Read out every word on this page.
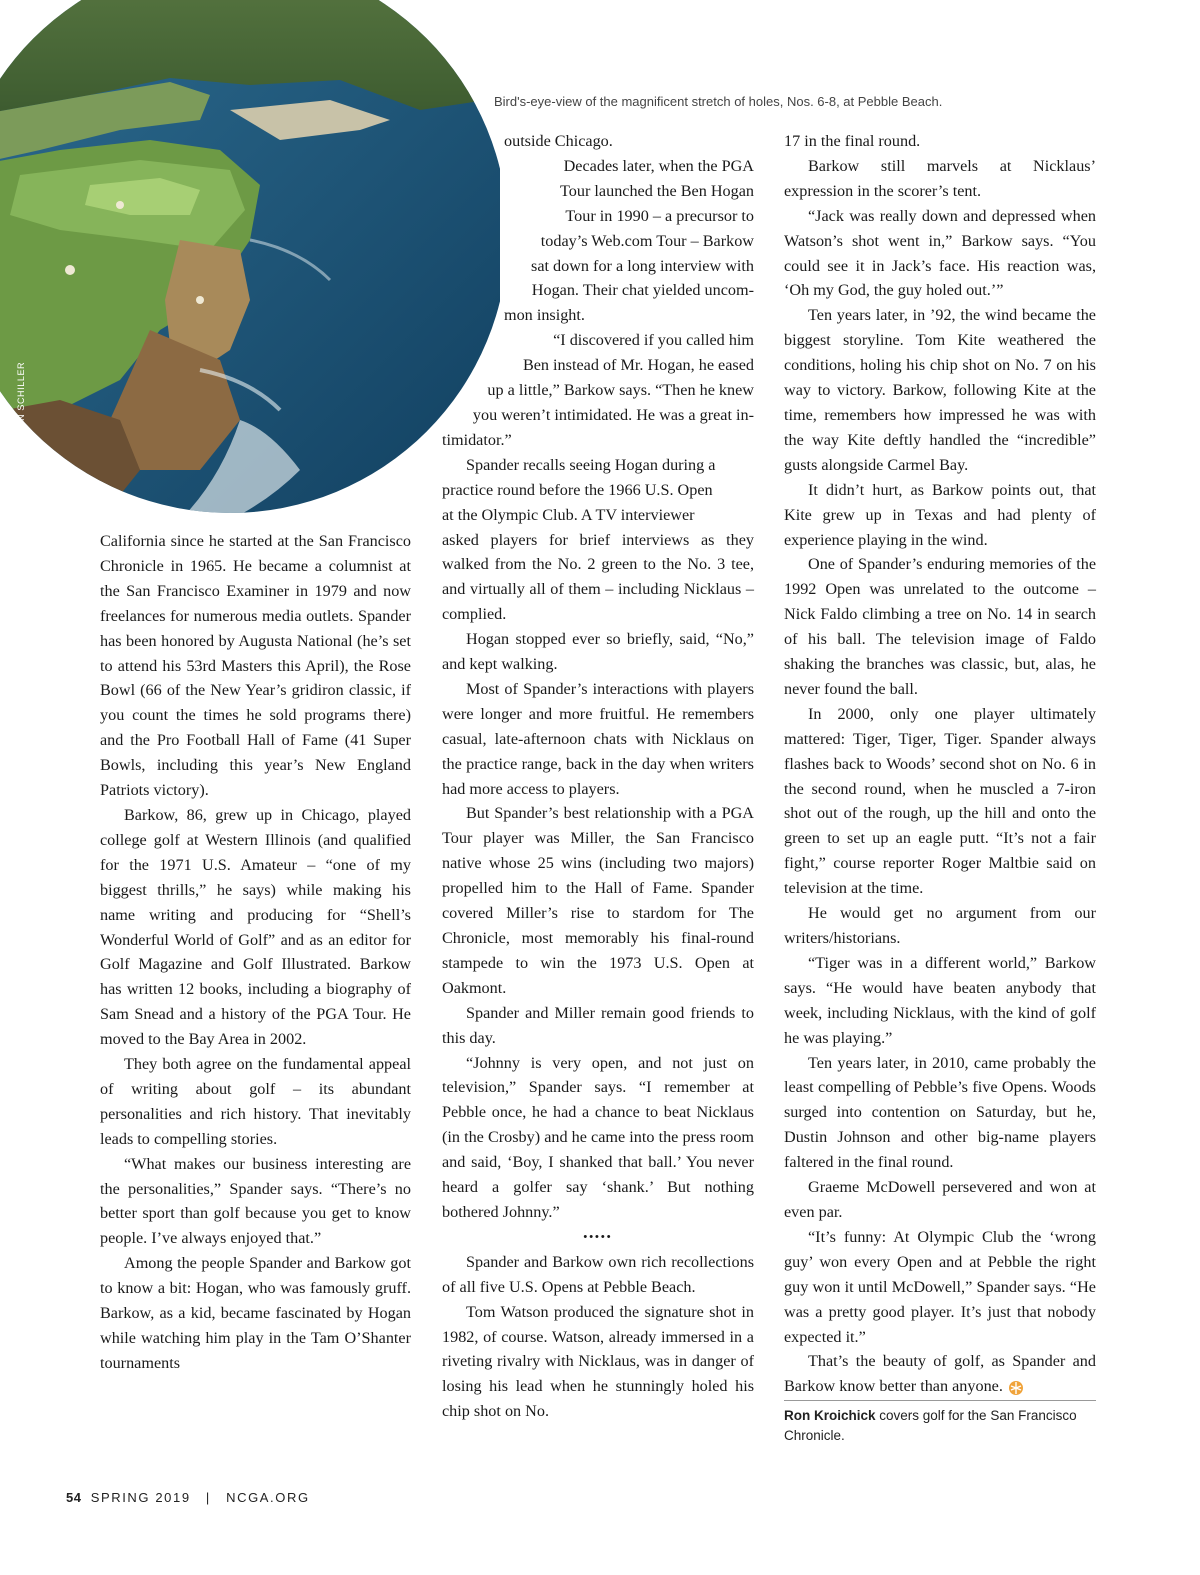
EVAN SCHILLER
Bird's-eye-view of the magnificent stretch of holes, Nos. 6-8, at Pebble Beach.

California since he started at the San Francisco Chronicle in 1965. He became a columnist at the San Francisco Examiner in 1979 and now freelances for numerous media outlets. Spander has been honored by Augusta National (he’s set to attend his 53rd Masters this April), the Rose Bowl (66 of the New Year’s gridiron classic, if you count the times he sold programs there) and the Pro Football Hall of Fame (41 Super Bowls, including this year’s New England Patriots victory).

Barkow, 86, grew up in Chicago, played college golf at Western Illinois (and qualified for the 1971 U.S. Amateur – “one of my biggest thrills,” he says) while making his name writing and producing for “Shell’s Wonderful World of Golf” and as an editor for Golf Magazine and Golf Illustrated. Barkow has written 12 books, including a biography of Sam Snead and a history of the PGA Tour. He moved to the Bay Area in 2002.

They both agree on the fundamental appeal of writing about golf – its abundant personalities and rich history. That inevitably leads to compelling stories.

“What makes our business interesting are the personalities,” Spander says. “There’s no better sport than golf because you get to know people. I’ve always enjoyed that.”

Among the people Spander and Barkow got to know a bit: Hogan, who was famously gruff. Barkow, as a kid, became fascinated by Hogan while watching him play in the Tam O’Shanter tournaments

outside Chicago.
Decades later, when the PGA
Tour launched the Ben Hogan
Tour in 1990 – a precursor to
today’s Web.com Tour – Barkow
sat down for a long interview with
Hogan. Their chat yielded uncom-
mon insight.
“I discovered if you called him
Ben instead of Mr. Hogan, he eased
up a little,” Barkow says. “Then he knew
you weren’t intimidated. He was a great in-
timidator.”
Spander recalls seeing Hogan during a
practice round before the 1966 U.S. Open
at the Olympic Club. A TV interviewer

asked players for brief interviews as they walked from the No. 2 green to the No. 3 tee, and virtually all of them – including Nicklaus – complied.

Hogan stopped ever so briefly, said, “No,” and kept walking.

Most of Spander’s interactions with players were longer and more fruitful. He remembers casual, late-afternoon chats with Nicklaus on the practice range, back in the day when writers had more access to players.

But Spander’s best relationship with a PGA Tour player was Miller, the San Francisco native whose 25 wins (including two majors) propelled him to the Hall of Fame. Spander covered Miller’s rise to stardom for The Chronicle, most memorably his final-round stampede to win the 1973 U.S. Open at Oakmont.

Spander and Miller remain good friends to this day.

“Johnny is very open, and not just on television,” Spander says. “I remember at Pebble once, he had a chance to beat Nicklaus (in the Crosby) and he came into the press room and said, ‘Boy, I shanked that ball.’ You never heard a golfer say ‘shank.’ But nothing bothered Johnny.”

•••••

Spander and Barkow own rich recollections of all five U.S. Opens at Pebble Beach.

Tom Watson produced the signature shot in 1982, of course. Watson, already immersed in a riveting rivalry with Nicklaus, was in danger of losing his lead when he stunningly holed his chip shot on No.

17 in the final round.

Barkow still marvels at Nicklaus’ expression in the scorer’s tent.

“Jack was really down and depressed when Watson’s shot went in,” Barkow says. “You could see it in Jack’s face. His reaction was, ‘Oh my God, the guy holed out.’”

Ten years later, in ’92, the wind became the biggest storyline. Tom Kite weathered the conditions, holing his chip shot on No. 7 on his way to victory. Barkow, following Kite at the time, remembers how impressed he was with the way Kite deftly handled the “incredible” gusts alongside Carmel Bay.

It didn’t hurt, as Barkow points out, that Kite grew up in Texas and had plenty of experience playing in the wind.

One of Spander’s enduring memories of the 1992 Open was unrelated to the outcome – Nick Faldo climbing a tree on No. 14 in search of his ball. The television image of Faldo shaking the branches was classic, but, alas, he never found the ball.

In 2000, only one player ultimately mattered: Tiger, Tiger, Tiger. Spander always flashes back to Woods’ second shot on No. 6 in the second round, when he muscled a 7-iron shot out of the rough, up the hill and onto the green to set up an eagle putt. “It’s not a fair fight,” course reporter Roger Maltbie said on television at the time.

He would get no argument from our writers/historians.

“Tiger was in a different world,” Barkow says. “He would have beaten anybody that week, including Nicklaus, with the kind of golf he was playing.”

Ten years later, in 2010, came probably the least compelling of Pebble’s five Opens. Woods surged into contention on Saturday, but he, Dustin Johnson and other big-name players faltered in the final round.

Graeme McDowell persevered and won at even par.

“It’s funny: At Olympic Club the ‘wrong guy’ won every Open and at Pebble the right guy won it until McDowell,” Spander says. “He was a pretty good player. It’s just that nobody expected it.”

That’s the beauty of golf, as Spander and Barkow know better than anyone.

Ron Kroichick covers golf for the San Francisco Chronicle.
54 SPRING 2019 | NCGA.ORG
